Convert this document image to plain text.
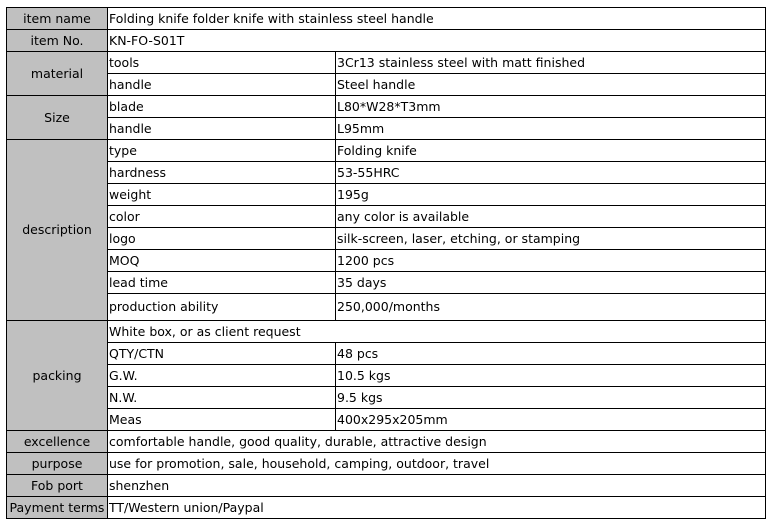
item name	Folding knife folder knife with stainless steel handle	
item No.	KN-FO-S01T	
material	tools	3Cr13 stainless steel with matt finished
	handle	Steel handle
Size	blade	L80*W28*T3mm
	handle	L95mm
description	type	Folding knife
	hardness	53-55HRC
	weight	195g
	color	any color is available
	logo	silk-screen, laser, etching, or stamping
	MOQ	1200 pcs
	lead time	35 days
	production ability	250,000/months
packing	White box, or as client request	
	QTY/CTN	48 pcs
	G.W.	10.5 kgs
	N.W.	9.5 kgs
	Meas	400x295x205mm
excellence	comfortable handle, good quality, durable, attractive design	
purpose	use for promotion, sale, household, camping, outdoor, travel	
Fob port	shenzhen	
Payment terms	TT/Western union/Paypal	
